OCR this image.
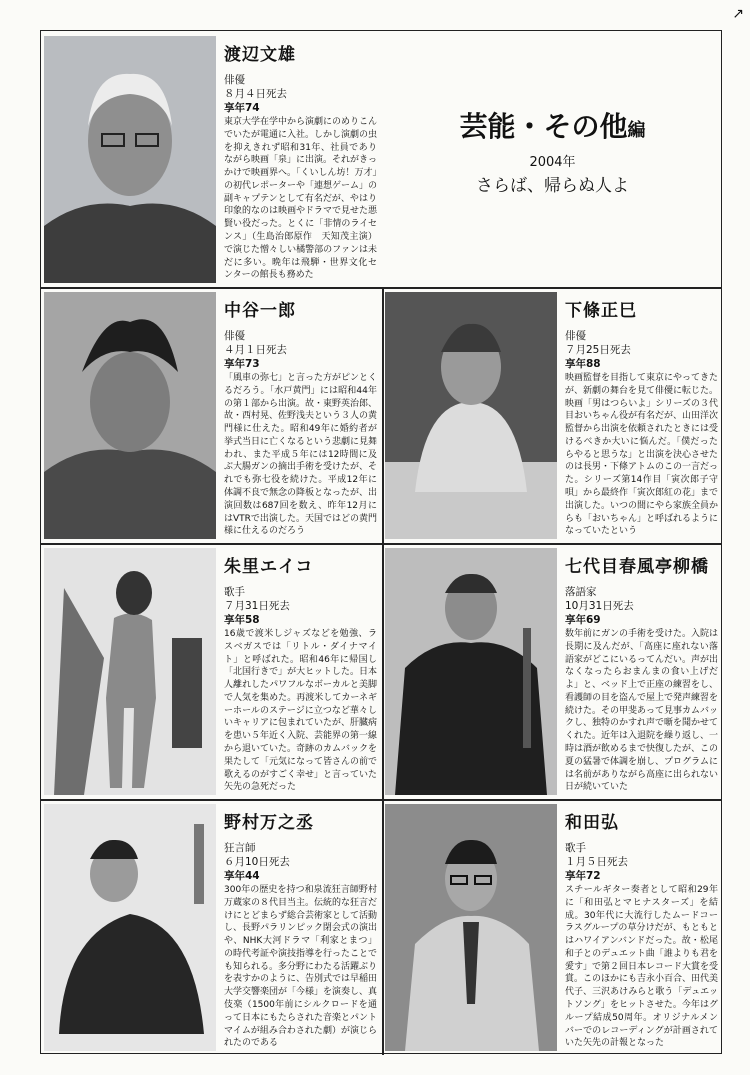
↗
渡辺文雄
俳優
８月４日死去
享年74
東京大学在学中から演劇にのめりこんでいたが電通に入社。しかし演劇の虫を抑えきれず昭和31年、社員でありながら映画「泉」に出演。それがきっかけで映画界へ。「くいしん坊！万才」の初代レポーターや「連想ゲーム」の副キャプテンとして有名だが、やはり印象的なのは映画やドラマで見せた悪賢い役だった。とくに「非情のライセンス」（生島治郎原作　天知茂主演）で演じた憎々しい橘警部のファンは未だに多い。晩年は飛騨・世界文化センターの館長も務めた
芸能・その他編
2004年
さらば、帰らぬ人よ
中谷一郎
俳優
４月１日死去
享年73
「風車の弥七」と言った方がピンとくるだろう。「水戸黄門」には昭和44年の第１部から出演。故・東野英治郎、故・西村晃、佐野浅夫という３人の黄門様に仕えた。昭和49年に婚約者が挙式当日に亡くなるという悲劇に見舞われ、また平成５年には12時間に及ぶ大腸ガンの摘出手術を受けたが、それでも弥七役を続けた。平成12年に体調不良で無念の降板となったが、出演回数は687回を数え、昨年12月にはVTRで出演した。天国ではどの黄門様に仕えるのだろう
下條正巳
俳優
７月25日死去
享年88
映画監督を目指して東京にやってきたが、新劇の舞台を見て俳優に転じた。映画「男はつらいよ」シリーズの３代目おいちゃん役が有名だが、山田洋次監督から出演を依頼されたときには受けるべきか大いに悩んだ。「僕だったらやると思うな」と出演を決心させたのは長男・下條アトムのこの一言だった。シリーズ第14作目「寅次郎子守唄」から最終作「寅次郎紅の花」まで出演した。いつの間にやら家族全員からも「おいちゃん」と呼ばれるようになっていたという
朱里エイコ
歌手
７月31日死去
享年58
16歳で渡米しジャズなどを勉強、ラスベガスでは「リトル・ダイナマイト」と呼ばれた。昭和46年に帰国し「北国行きで」が大ヒットした。日本人離れしたパワフルなボーカルと美脚で人気を集めた。再渡米してカーネギーホールのステージに立つなど華々しいキャリアに包まれていたが、肝臓病を患い５年近く入院、芸能界の第一線から退いていた。奇跡のカムバックを果たして「元気になって皆さんの前で歌えるのがすごく幸せ」と言っていた矢先の急死だった
七代目春風亭柳橋
落語家
10月31日死去
享年69
数年前にガンの手術を受けた。入院は長期に及んだが、「高座に座れない落語家がどこにいるってんだい。声が出なくなったらおまんまの食い上げだよ」と、ベッド上で正座の練習をし、看護師の目を盗んで屋上で発声練習を続けた。その甲斐あって見事カムバックし、独特のかすれ声で噺を聞かせてくれた。近年は入退院を繰り返し、一時は酒が飲めるまで快復したが、この夏の猛暑で体調を崩し、プログラムには名前がありながら高座に出られない日が続いていた
野村万之丞
狂言師
６月10日死去
享年44
300年の歴史を持つ和泉流狂言師野村万蔵家の８代目当主。伝統的な狂言だけにとどまらず総合芸術家として活動し、長野パラリンピック閉会式の演出や、NHK大河ドラマ「利家とまつ」の時代考証や演技指導を行ったことでも知られる。多分野にわたる活躍ぶりを表すかのように、告別式では早稲田大学交響楽団が「今様」を演奏し、真伎楽（1500年前にシルクロードを通って日本にもたらされた音楽とパントマイムが組み合わされた劇）が演じられたのである
和田弘
歌手
１月５日死去
享年72
スチールギター奏者として昭和29年に「和田弘とマヒナスターズ」を結成。30年代に大流行したムードコーラスグループの草分けだが、もともとはハワイアンバンドだった。故・松尾和子とのデュエット曲「誰よりも君を愛す」で第２回日本レコード大賞を受賞。このほかにも吉永小百合、田代美代子、三沢あけみらと歌う「デュエットソング」をヒットさせた。今年はグループ結成50周年。オリジナルメンバーでのレコーディングが計画されていた矢先の計報となった
